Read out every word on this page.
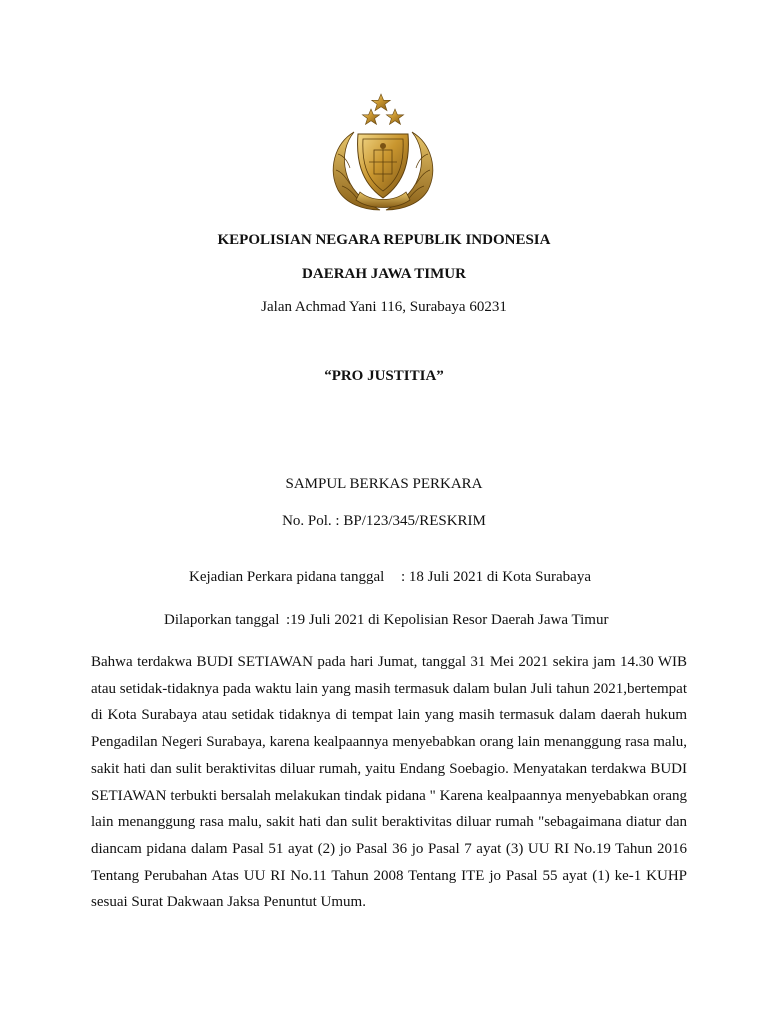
KEPOLISIAN NEGARA REPUBLIK INDONESIA
DAERAH JAWA TIMUR
Jalan Achmad Yani 116, Surabaya 60231
“PRO JUSTITIA”
SAMPUL BERKAS PERKARA
No. Pol. : BP/123/345/RESKRIM
Kejadian Perkara pidana tanggal : 18 Juli 2021 di Kota Surabaya
Dilaporkan tanggal :19 Juli 2021 di Kepolisian Resor Daerah Jawa Timur
Bahwa terdakwa BUDI SETIAWAN pada hari Jumat, tanggal 31 Mei 2021 sekira jam 14.30 WIB atau setidak-tidaknya pada waktu lain yang masih termasuk dalam bulan Juli tahun 2021,bertempat di Kota Surabaya atau setidak tidaknya di tempat lain yang masih termasuk dalam daerah hukum Pengadilan Negeri Surabaya, karena kealpaannya menyebabkan orang lain menanggung rasa malu, sakit hati dan sulit beraktivitas diluar rumah, yaitu Endang Soebagio. Menyatakan terdakwa BUDI SETIAWAN terbukti bersalah melakukan tindak pidana " Karena kealpaannya menyebabkan orang lain menanggung rasa malu, sakit hati dan sulit beraktivitas diluar rumah "sebagaimana diatur dan diancam pidana dalam Pasal 51 ayat (2) jo Pasal 36 jo Pasal 7 ayat (3) UU RI No.19 Tahun 2016 Tentang Perubahan Atas UU RI No.11 Tahun 2008 Tentang ITE jo Pasal 55 ayat (1) ke-1 KUHP sesuai Surat Dakwaan Jaksa Penuntut Umum.
